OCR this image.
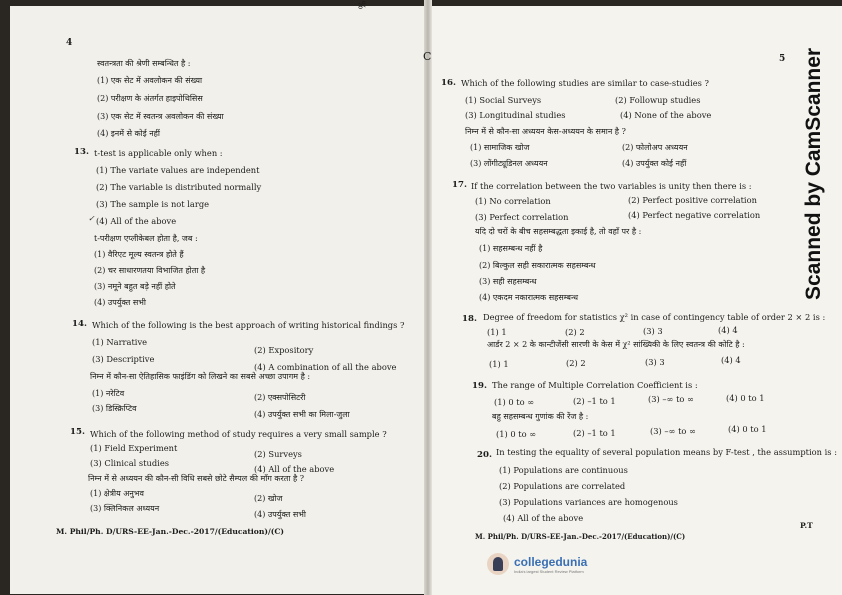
C
%
4
स्वतन्त्रता की श्रेणी सम्बन्धित है :
(1) एक सेट में अवलोकन की संख्या
(2) परीक्षण के अंतर्गत हाइपोथिसिस
(3) एक सेट में स्वतन्त्र अवलोकन की संख्या
(4) इनमें से कोई नहीं
13. t-test is applicable only when :
(1) The variate values are independent
(2) The variable is distributed normally
(3) The sample is not large
✓ (4) All of the above
t-परीक्षण एप्लीकेबल होता है, जब :
(1) वैरिएट मूल्य स्वतन्त्र होते हैं
(2) चर साधारणतया विभाजित होता है
(3) नमूने बहुत बड़े नहीं होते
(4) उपर्युक्त सभी
14. Which of the following is the best approach of writing historical findings ?
(1) Narrative
(2) Expository
(3) Descriptive
(4) A combination of all the above
निम्न में कौन-सा ऐतिहासिक फाइंडिंग को लिखने का सबसे अच्छा उपागम है :
(1) नरेटिव	(2) एक्सपोसिटरी
(3) डिस्क्रिप्टिव
(4) उपर्युक्त सभी का मिला-जुला
15. Which of the following method of study requires a very small sample ?
(1) Field Experiment
(2) Surveys
(3) Clinical studies
(4) All of the above
निम्न में से अध्ययन की कौन-सी विधि सबसे छोटे सैम्पल की माँग करता है ?
(1) क्षेत्रीय अनुभव
(2) खोज
(3) क्लिनिकल अध्ययन
(4) उपर्युक्त सभी
M. Phil/Ph. D/URS-EE-Jan.-Dec.-2017/(Education)/(C)
5
16. Which of the following studies are similar to case-studies ?
(1) Social Surveys	(2) Followup studies
(3) Longitudinal studies	(4) None of the above
निम्न में से कौन-सा अध्ययन केस-अध्ययन के समान है ?
(1) सामाजिक खोज	(2) फोलोअप अध्ययन
(3) लोंगीट्यूडिनल अध्ययन	(4) उपर्युक्त कोई नहीं
17. If the correlation between the two variables is unity then there is :
(1) No correlation	(2) Perfect positive correlation
(3) Perfect correlation	(4) Perfect negative correlation
यदि दो चरों के बीच सहसम्बद्धता इकाई है, तो वहाँ पर है :
(1) सहसम्बन्ध नहीं है
(2) बिल्कुल सही सकारात्मक सहसम्बन्ध
(3) सही सहसम्बन्ध
(4) एकदम नकारात्मक सहसम्बन्ध
18. Degree of freedom for statistics χ² in case of contingency table of order 2 × 2 is :
(1) 1	(2) 2	(3) 3	(4) 4
आर्डर 2 × 2 के कान्टीजेंसी सारणी के केस में χ² सांख्यिकी के लिए स्वतन्त्र की कोटि है :
(1) 1	(2) 2	(3) 3	(4) 4
19. The range of Multiple Correlation Coefficient is :
(1) 0 to ∞	(2) –1 to 1	(3) –∞ to ∞	(4) 0 to 1
बहु सहसम्बन्ध गुणांक की रेंज है :
(1) 0 to ∞	(2) –1 to 1	(3) –∞ to ∞	(4) 0 to 1
20. In testing the equality of several population means by F-test , the assumption is :
(1) Populations are continuous
(2) Populations are correlated
(3) Populations variances are homogenous
(4) All of the above
M. Phil/Ph. D/URS-EE-Jan.-Dec.-2017/(Education)/(C)
P.T
collegedunia
India's largest Student Review Platform
